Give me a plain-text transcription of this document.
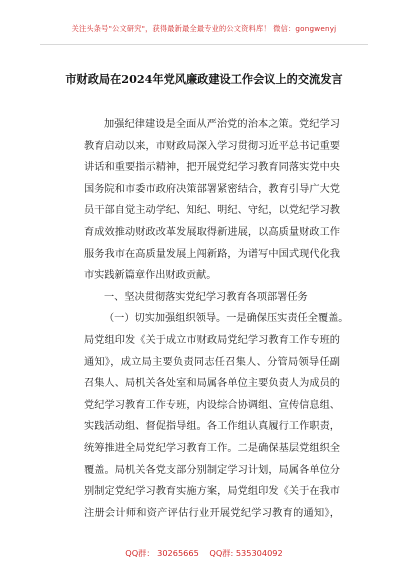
关注头条号"公文研究"，获得最新最全最专业的公文资料库！ 微信：gongwenyj
市财政局在2024年党风廉政建设工作会议上的交流发言
加强纪律建设是全面从严治党的治本之策。党纪学习
教育启动以来，市财政局深入学习贯彻习近平总书记重要
讲话和重要指示精神，把开展党纪学习教育同落实党中央
国务院和市委市政府决策部署紧密结合，教育引导广大党
员干部自觉主动学纪、知纪、明纪、守纪，以党纪学习教
育成效推动财政改革发展取得新进展，以高质量财政工作
服务我市在高质量发展上闯新路，为谱写中国式现代化我
市实践新篇章作出财政贡献。
一、坚决贯彻落实党纪学习教育各项部署任务
（一）切实加强组织领导。一是确保压实责任全覆盖。
局党组印发《关于成立市财政局党纪学习教育工作专班的
通知》，成立局主要负责同志任召集人、分管局领导任副
召集人、局机关各处室和局属各单位主要负责人为成员的
党纪学习教育工作专班，内设综合协调组、宣传信息组、
实践活动组、督促指导组。各工作组认真履行工作职责，
统筹推进全局党纪学习教育工作。二是确保基层党组织全
覆盖。局机关各党支部分别制定学习计划，局属各单位分
别制定党纪学习教育实施方案，局党组印发《关于在我市
注册会计师和资产评估行业开展党纪学习教育的通知》，
QQ群： 30265665 QQ群: 535304092
